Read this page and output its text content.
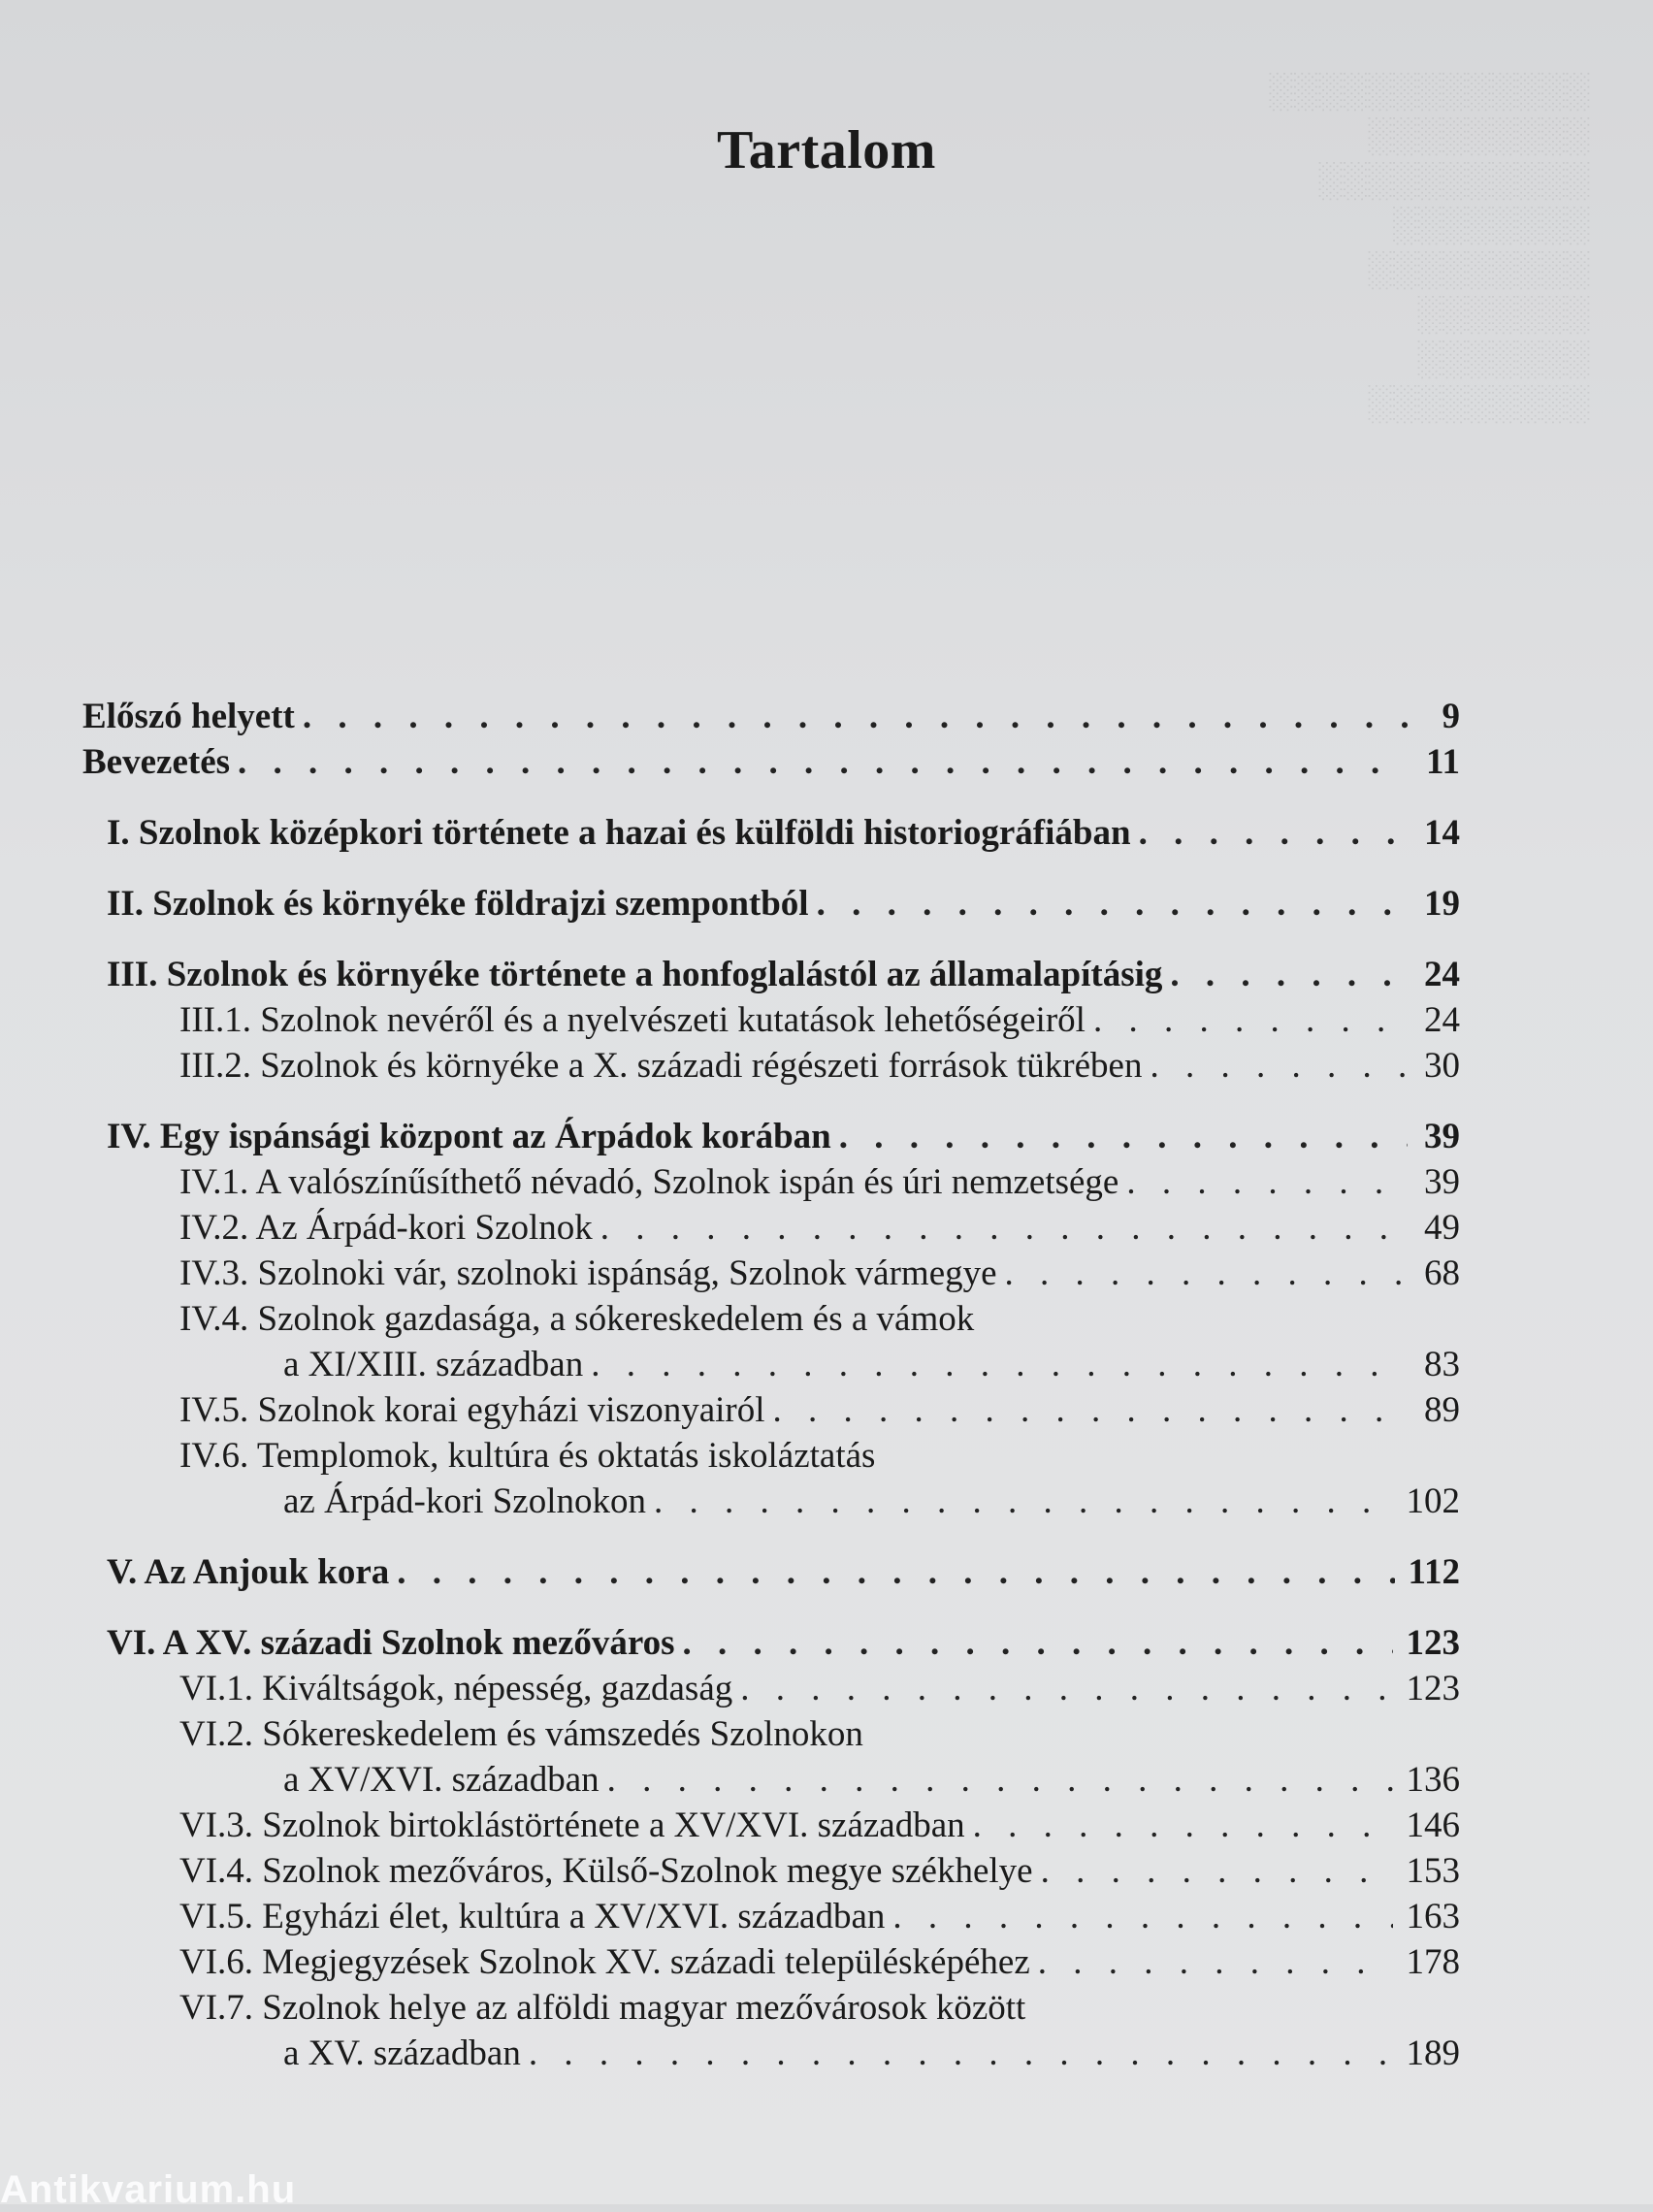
░░░░░░░░░░░░░
░░░░░░░░░
░░░░░░░░░░░
░░░░░░░░
░░░░░░░░░
░░░░░░░
░░░░░░░
░░░░░░░░░
Tartalom
Előszó helyett . . .	9
Bevezetés . . .	11
I. Szolnok középkori története a hazai és külföldi historiográfiában . . .	14
II. Szolnok és környéke földrajzi szempontból . . .	19
III. Szolnok és környéke története a honfoglalástól az államalapításig . . .	24
III.1. Szolnok nevéről és a nyelvészeti kutatások lehetőségeiről . . .	24
III.2. Szolnok és környéke a X. századi régészeti források tükrében . . .	30
IV. Egy ispánsági központ az Árpádok korában . . .	39
IV.1. A valószínűsíthető névadó, Szolnok ispán és úri nemzetsége . . .	39
IV.2. Az Árpád-kori Szolnok . . .	49
IV.3. Szolnoki vár, szolnoki ispánság, Szolnok vármegye . . .	68
IV.4. Szolnok gazdasága, a sókereskedelem és a vámok
a XI/XIII. században . . .	83
IV.5. Szolnok korai egyházi viszonyairól . . .	89
IV.6. Templomok, kultúra és oktatás iskoláztatás
az Árpád-kori Szolnokon . . .	102
V. Az Anjouk kora . . .	112
VI. A XV. századi Szolnok mezőváros . . .	123
VI.1. Kiváltságok, népesség, gazdaság . . .	123
VI.2. Sókereskedelem és vámszedés Szolnokon
a XV/XVI. században . . .	136
VI.3. Szolnok birtoklástörténete a XV/XVI. században . . .	146
VI.4. Szolnok mezőváros, Külső-Szolnok megye székhelye . . .	153
VI.5. Egyházi élet, kultúra a XV/XVI. században . . .	163
VI.6. Megjegyzések Szolnok XV. századi településképéhez . . .	178
VI.7. Szolnok helye az alföldi magyar mezővárosok között
a XV. században . . .	189
Antikvarium.hu
